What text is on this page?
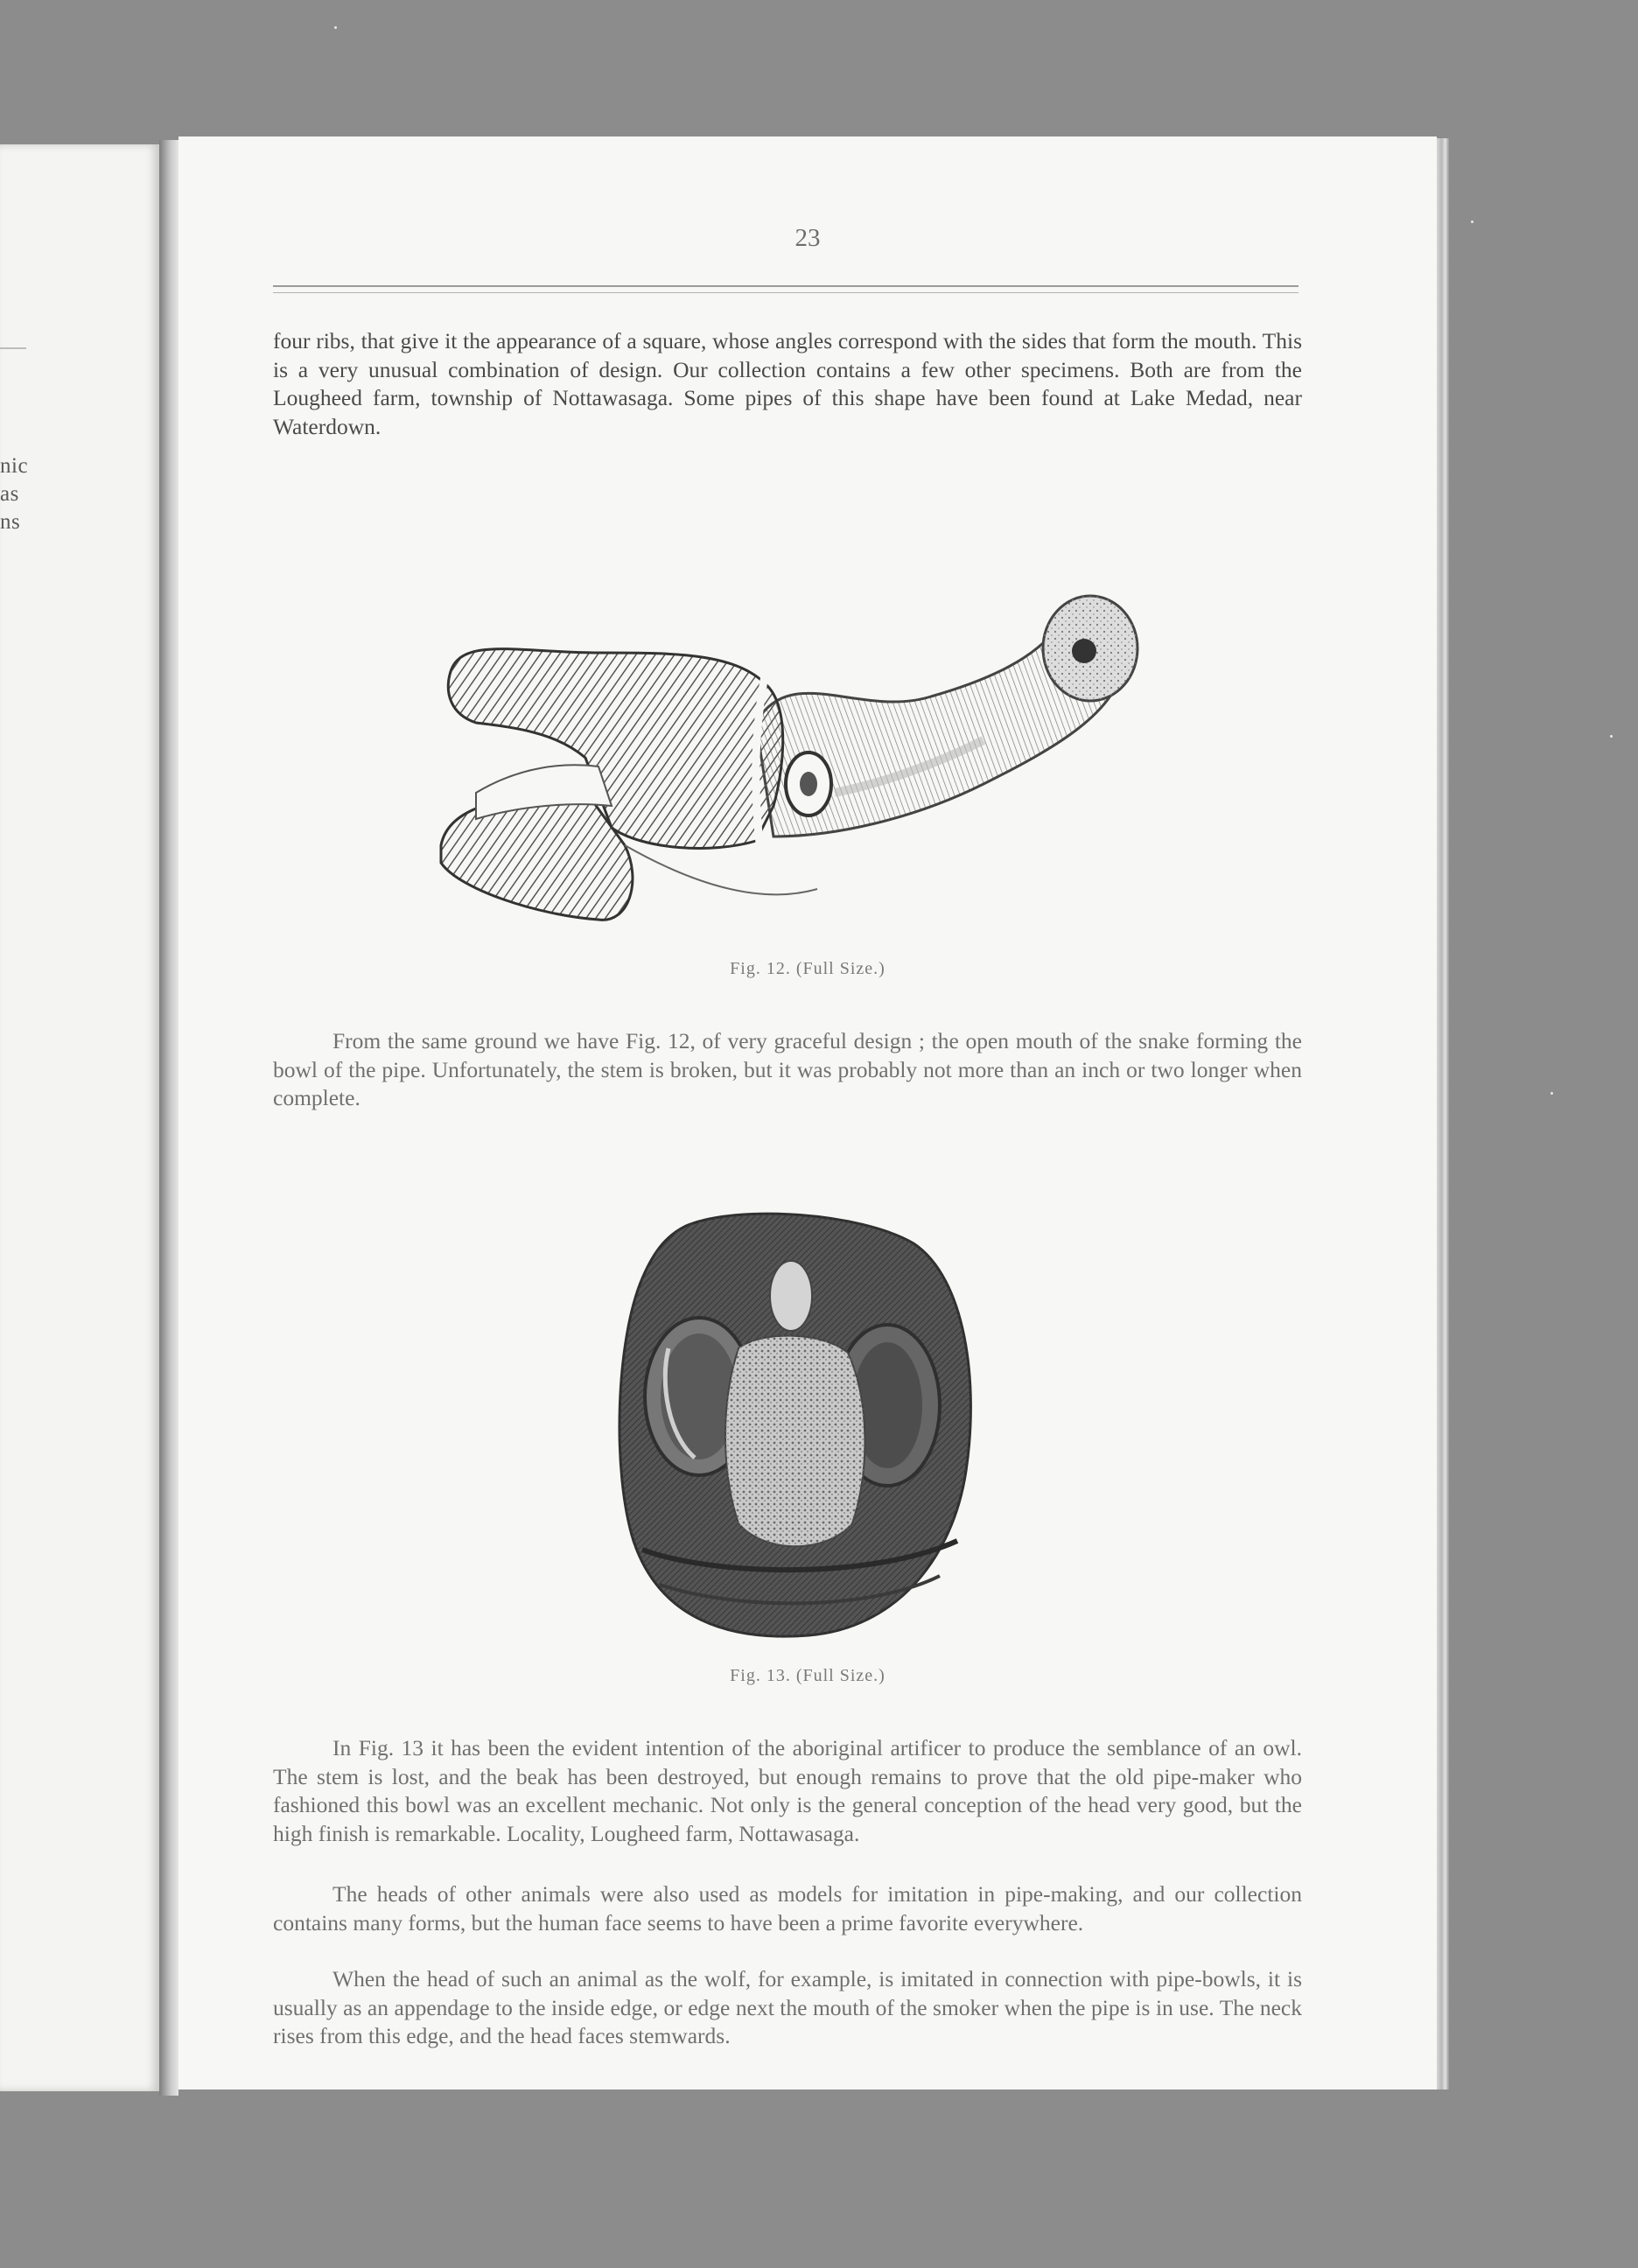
nic
as
ns
23

four ribs, that give it the appearance of a square, whose angles correspond with the sides that form the mouth. This is a very unusual combination of design. Our collection contains a few other specimens. Both are from the Lougheed farm, township of Nottawasaga. Some pipes of this shape have been found at Lake Medad, near Waterdown.

Fig. 12. (Full Size.)

From the same ground we have Fig. 12, of very graceful design ; the open mouth of the snake forming the bowl of the pipe. Unfortunately, the stem is broken, but it was probably not more than an inch or two longer when complete.

Fig. 13. (Full Size.)

In Fig. 13 it has been the evident intention of the aboriginal artificer to produce the semblance of an owl. The stem is lost, and the beak has been destroyed, but enough remains to prove that the old pipe-maker who fashioned this bowl was an excellent mechanic. Not only is the general conception of the head very good, but the high finish is remarkable. Locality, Lougheed farm, Nottawasaga.

The heads of other animals were also used as models for imitation in pipe-making, and our collection contains many forms, but the human face seems to have been a prime favorite everywhere.

When the head of such an animal as the wolf, for example, is imitated in connection with pipe-bowls, it is usually as an appendage to the inside edge, or edge next the mouth of the smoker when the pipe is in use. The neck rises from this edge, and the head faces stemwards.
